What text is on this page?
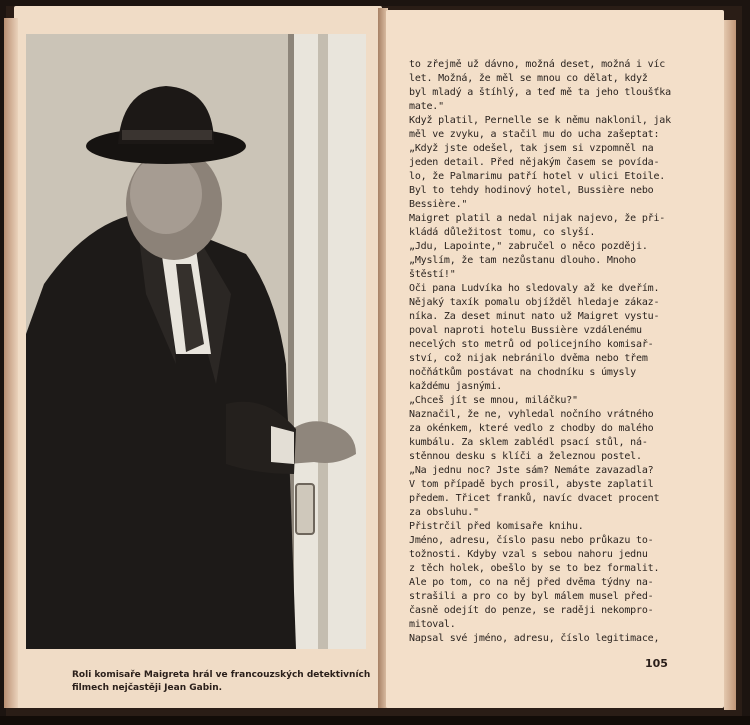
Roli komisaře Maigreta hrál ve francouzských detektivních
filmech nejčastěji Jean Gabin.

to zřejmě už dávno, možná deset, možná i víc

let. Možná, že měl se mnou co dělat, když

byl mladý a štíhlý, a teď mě ta jeho tloušťka

mate."

Když platil, Pernelle se k němu naklonil, jak

měl ve zvyku, a stačil mu do ucha zašeptat:

„Když jste odešel, tak jsem si vzpomněl na

jeden detail. Před nějakým časem se povída-

lo, že Palmarimu patří hotel v ulici Etoile.

Byl to tehdy hodinový hotel, Bussière nebo

Bessière."

Maigret platil a nedal nijak najevo, že při-

kládá důležitost tomu, co slyší.

„Jdu, Lapointe," zabručel o něco později.

„Myslím, že tam nezůstanu dlouho. Mnoho

štěstí!"

Oči pana Ludvíka ho sledovaly až ke dveřím.

Nějaký taxík pomalu objížděl hledaje zákaz-

níka. Za deset minut nato už Maigret vystu-

poval naproti hotelu Bussière vzdálenému

necelých sto metrů od policejního komisař-

ství, což nijak nebránilo dvěma nebo třem

nočňátkům postávat na chodníku s úmysly

každému jasnými.

„Chceš jít se mnou, miláčku?"

Naznačil, že ne, vyhledal nočního vrátného

za okénkem, které vedlo z chodby do malého

kumbálu. Za sklem zablédl psací stůl, ná-

stěnnou desku s klíči a železnou postel.

„Na jednu noc? Jste sám? Nemáte zavazadla?

V tom případě bych prosil, abyste zaplatil

předem. Třicet franků, navíc dvacet procent

za obsluhu."

Přistrčil před komisaře knihu.

Jméno, adresu, číslo pasu nebo průkazu to-

tožnosti. Kdyby vzal s sebou nahoru jednu

z těch holek, obešlo by se to bez formalit.

Ale po tom, co na něj před dvěma týdny na-

strašili a pro co by byl málem musel před-

časně odejít do penze, se raději nekompro-

mitoval.

Napsal své jméno, adresu, číslo legitimace,

105
